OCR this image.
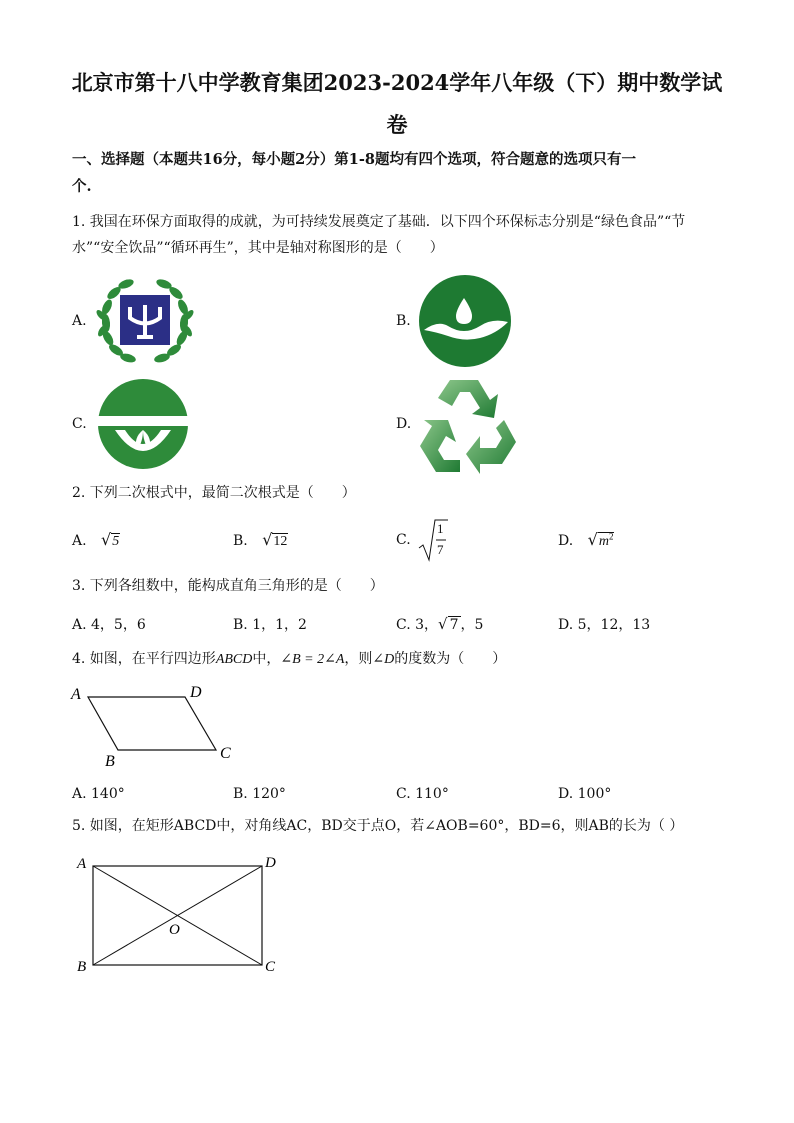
北京市第十八中学教育集团2023-2024学年八年级（下）期中数学试
卷
一、选择题（本题共16分，每小题2分）第1-8题均有四个选项，符合题意的选项只有一
个.
1. 我国在环保方面取得的成就，为可持续发展奠定了基础．以下四个环保标志分别是“绿色食品”“节
水”“安全饮品”“循环再生”，其中是轴对称图形的是（　　）
A.	B.
C.	D.
2. 下列二次根式中，最简二次根式是（　　）
A. √5	B. √12	C.
1
7
D. $√m^2$
3. 下列各组数中，能构成直角三角形的是（　　）
A. 4，5，6	B. 1，1，2	C. 3，√ 7 ，5	D. 5，12，13
4. 如图，在平行四边形ABCD中，∠B = 2∠A，则∠D的度数为（　　）
A	D
B	C
A. 140°	B. 120°	C. 110°	D. 100°
5. 如图，在矩形ABCD中，对角线AC，BD交于点O，若∠AOB=60°，BD=6，则AB的长为（ ）
A	D
B	C
O
